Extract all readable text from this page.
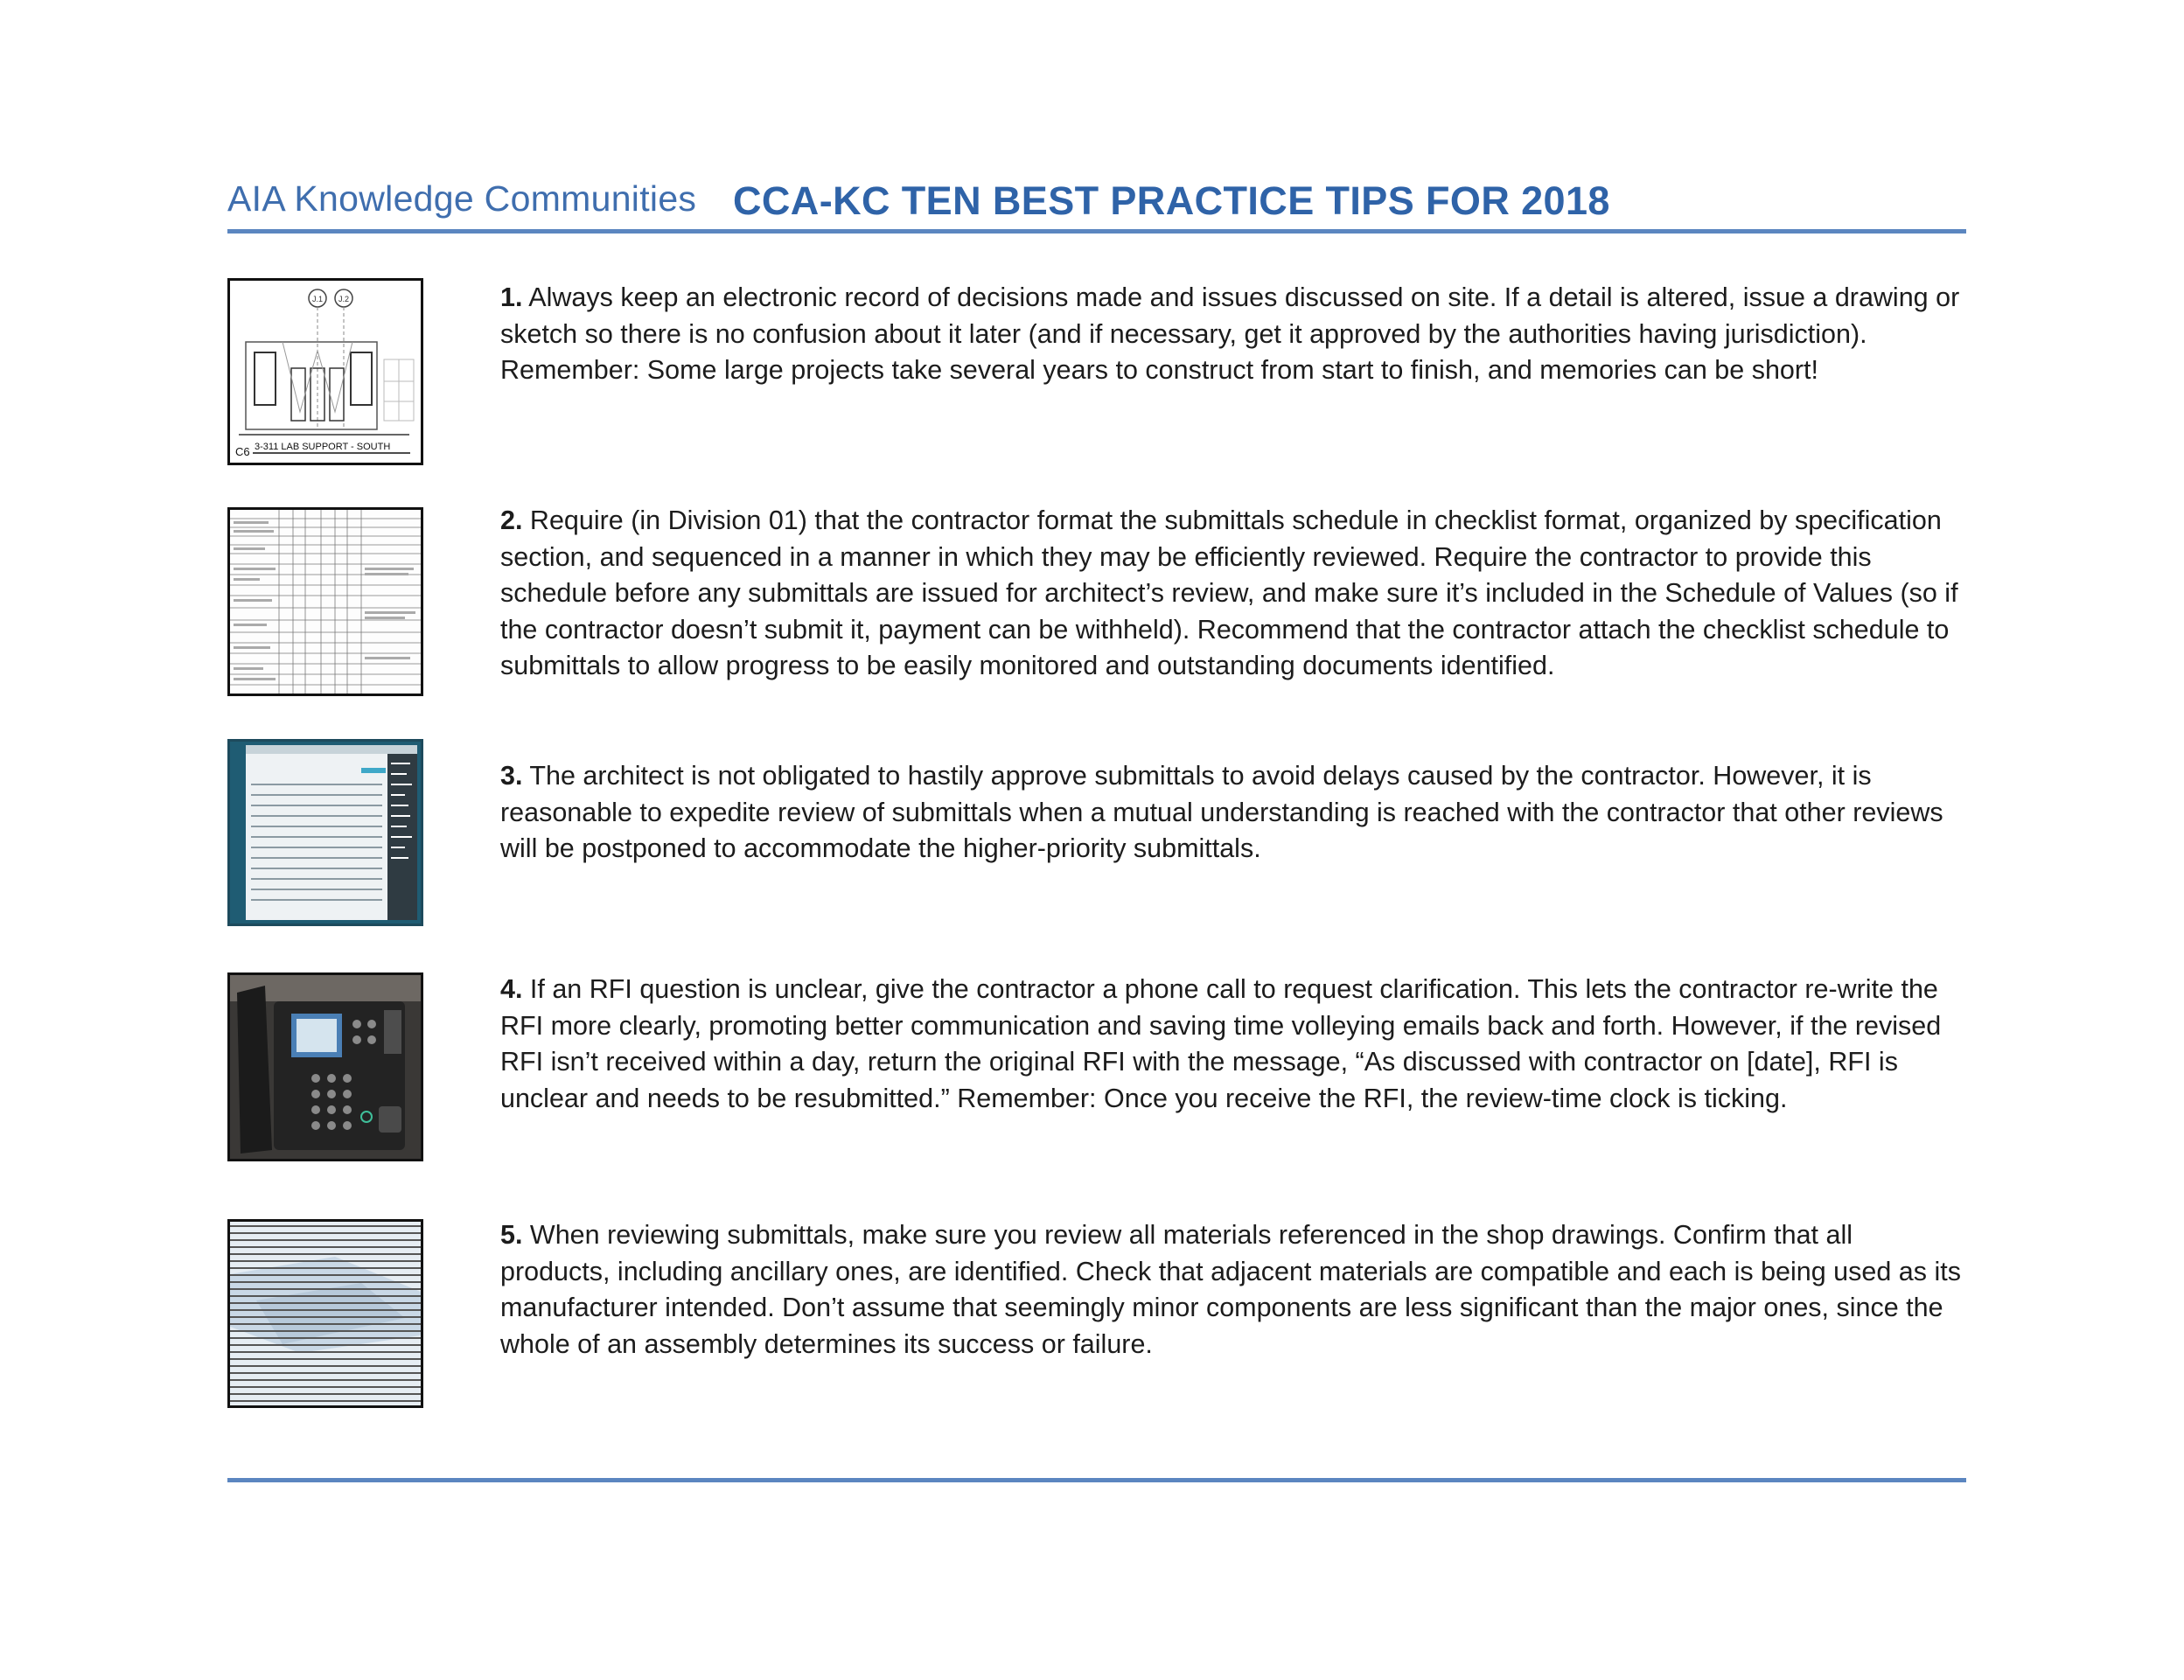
AIA Knowledge Communities CCA-KC TEN BEST PRACTICE TIPS FOR 2018
J.1 J.2
C6 3-311 LAB SUPPORT - SOUTH
1. Always keep an electronic record of decisions made and issues discussed on site. If a detail is altered, issue a drawing or sketch so there is no confusion about it later (and if necessary, get it approved by the authorities having jurisdiction). Remember: Some large projects take several years to construct from start to finish, and memories can be short!
2. Require (in Division 01) that the contractor format the submittals schedule in checklist format, organized by specification section, and sequenced in a manner in which they may be efficiently reviewed. Require the contractor to provide this schedule before any submittals are issued for architect’s review, and make sure it’s included in the Schedule of Values (so if the contractor doesn’t submit it, payment can be withheld). Recommend that the contractor attach the checklist schedule to submittals to allow progress to be easily monitored and outstanding documents identified.
3. The architect is not obligated to hastily approve submittals to avoid delays caused by the contractor. However, it is reasonable to expedite review of submittals when a mutual understanding is reached with the contractor that other reviews will be postponed to accommodate the higher-priority submittals.
4. If an RFI question is unclear, give the contractor a phone call to request clarification. This lets the contractor re-write the RFI more clearly, promoting better communication and saving time volleying emails back and forth. However, if the revised RFI isn’t received within a day, return the original RFI with the message, “As discussed with contractor on [date], RFI is unclear and needs to be resubmitted.” Remember: Once you receive the RFI, the review-time clock is ticking.
5. When reviewing submittals, make sure you review all materials referenced in the shop drawings. Confirm that all products, including ancillary ones, are identified. Check that adjacent materials are compatible and each is being used as its manufacturer intended. Don’t assume that seemingly minor components are less significant than the major ones, since the whole of an assembly determines its success or failure.
